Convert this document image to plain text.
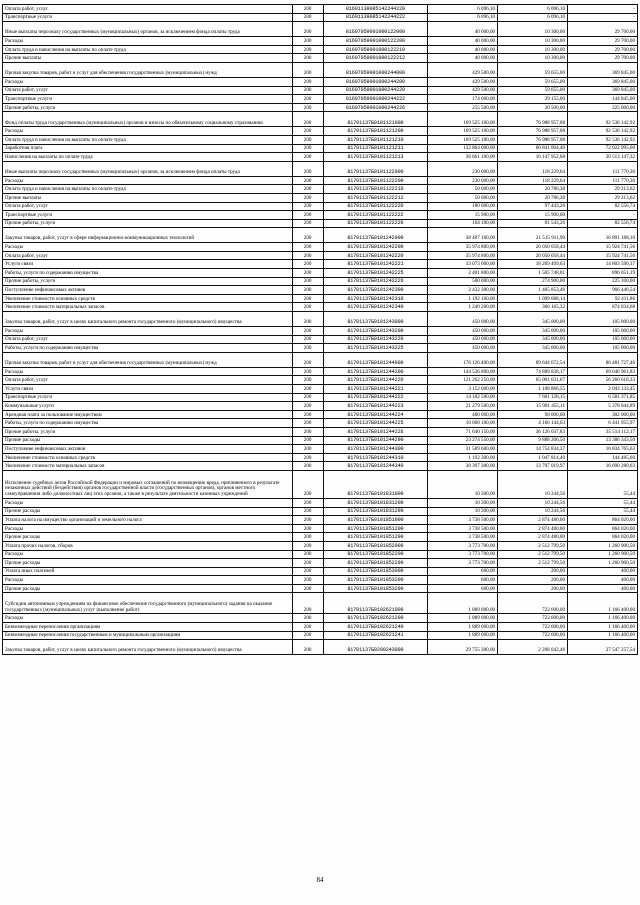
Оплата работ, услуг	200	81601139085142244220	6 096,10	6 096,10	-
Транспортные услуги	200	81601139085142244222	6 096,10	6 096,10	-
Иные выплаты персоналу государственных (муниципальных) органов, за исключением фонда оплаты труда	200	81607059001000122000	40 000,00	10 300,00	29 700,00
Расходы	200	81607059001000122200	40 000,00	10 300,00	29 700,00
Оплата труда и начисления на выплаты по оплате труда	200	81607059001000122210	40 000,00	10 300,00	29 700,00
Прочие выплаты	200	81607059001000122212	40 000,00	10 300,00	29 700,00
Прочая закупка товаров, работ и услуг для обеспечения государственных (муниципальных) нужд	200	81607059001000244000	429 500,00	59 655,00	369 845,00
Расходы	200	81607059001000244200	429 500,00	59 655,00	369 845,00
Оплата работ, услуг	200	81607059001000244220	429 500,00	59 655,00	369 845,00
Транспортные услуги	200	81607059001000244222	174 000,00	29 155,00	144 845,00
Прочие работы, услуги	200	81607059001000244226	255 500,00	30 500,00	225 000,00
Фонд оплаты труда государственных (муниципальных) органов и взносы по обязательному социальному страхованию	200	81701137Б0101121000	169 525 100,00	76 988 957,08	92 536 142,92
Расходы	200	81701137Б0101121200	169 525 100,00	76 988 957,08	92 536 142,92
Оплата труда и начисления на выплаты по оплате труда	200	81701137Б0101121210	169 525 100,00	76 988 957,08	92 536 142,92
Заработная плата	200	81701137Б0101121211	132 864 000,00	60 841 004,40	72 022 995,60
Начисления на выплаты по оплате труда	200	81701137Б0101121213	36 661 100,00	16 147 952,68	20 513 147,32
Иные выплаты персоналу государственных (муниципальных) органов, за исключением фонда оплаты труда	200	81701137Б0101122000	230 000,00	118 229,64	111 770,36
Расходы	200	81701137Б0101122200	230 000,00	118 229,64	111 770,36
Оплата труда и начисления на выплаты по оплате труда	200	81701137Б0101122210	50 000,00	20 786,38	29 213,62
Прочие выплаты	200	81701137Б0101122212	50 000,00	20 786,38	29 213,62
Оплата работ, услуг	200	81701137Б0101122220	180 000,00	97 443,26	82 556,74
Транспортные услуги	200	81701137Б0101122222	15 900,00	15 900,00	-
Прочие работы, услуги	200	81701137Б0101122226	164 100,00	81 543,26	82 556,74
Закупка товаров, работ, услуг в сфере информационно-коммуникационных технологий	200	81701137Б0101242000	38 407 100,00	21 515 911,90	16 891 188,10
Расходы	200	81701137Б0101242200	35 974 800,00	20 050 058,44	15 924 741,56
Оплата работ, услуг	200	81701137Б0101242220	35 974 800,00	20 050 058,44	15 924 741,56
Услуги связи	200	81701137Б0101242221	33 073 000,00	18 269 409,63	14 803 590,37
Работы, услуги по содержанию имущества	200	81701137Б0101242225	2 401 800,00	1 505 748,81	896 051,19
Прочие работы, услуги	200	81701137Б0101242226	500 000,00	274 900,00	225 100,00
Поступление нефинансовых активов	200	81701137Б0101242300	2 432 300,00	1 465 853,46	966 446,54
Увеличение стоимости основных средств	200	81701137Б0101242310	1 192 100,00	1 099 688,14	92 411,86
Увеличение стоимости материальных запасов	200	81701137Б0101242340	1 240 200,00	366 165,32	874 034,68
Закупка товаров, работ, услуг в целях капитального ремонта государственного (муниципального) имущества	200	81701137Б0101243000	450 000,00	345 000,00	105 000,00
Расходы	200	81701137Б0101243200	450 000,00	345 000,00	105 000,00
Оплата работ, услуг	200	81701137Б0101243220	450 000,00	345 000,00	105 000,00
Работы, услуги по содержанию имущества	200	81701137Б0101243225	450 000,00	345 000,00	105 000,00
Прочая закупка товаров, работ и услуг для обеспечения государственных (муниципальных) нужд	200	81701137Б0101244000	176 126 400,00	89 644 672,54	86 481 727,46
Расходы	200	81701137Б0101244200	144 536 800,00	74 889 838,17	69 646 961,83
Оплата работ, услуг	200	81701137Б0101244220	121 262 250,00	65 001 631,67	56 260 618,33
Услуги связи	200	81701137Б0101244221	3 152 000,00	1 108 866,55	2 043 133,45
Транспортные услуги	200	81701137Б0101244222	14 182 500,00	7 601 128,15	6 581 371,85
Коммунальные услуги	200	81701137Б0101244223	21 279 500,00	15 901 455,11	5 378 044,89
Арендная плата за пользование имуществом	200	81701137Б0101244224	400 000,00	98 000,00	302 000,00
Работы, услуги по содержанию имущества	200	81701137Б0101244225	10 608 100,00	4 166 144,03	6 441 955,97
Прочие работы, услуги	200	81701137Б0101244226	71 640 150,00	36 126 037,83	35 514 112,17
Прочие расходы	200	81701137Б0101244290	23 274 550,00	9 888 206,50	13 386 343,50
Поступление нефинансовых активов	200	81701137Б0101244300	31 589 600,00	14 754 834,37	16 834 765,63
Увеличение стоимости основных средств	200	81701137Б0101244310	1 192 300,00	1 047 814,40	144 485,60
Увеличение стоимости материальных запасов	200	81701137Б0101244340	30 397 300,00	13 707 019,97	16 690 280,03
Исполнение судебных актов Российской Федерации и мировых соглашений по возмещению вреда, причиненного в результате незаконных действий (бездействия) органов государственной власти (государственных органов), органов местного самоуправления либо должностных лиц этих органов, а также в результате деятельности казенных учреждений	200	81701137Б0101831000	10 300,00	10 244,56	55,44
Расходы	200	81701137Б0101831200	10 300,00	10 244,56	55,44
Прочие расходы	200	81701137Б0101831290	10 300,00	10 244,56	55,44
Уплата налога на имущество организаций и земельного налога	200	81701137Б0101851000	3 738 500,00	2 874 480,00	864 020,00
Расходы	200	81701137Б0101851200	3 738 500,00	2 874 480,00	864 020,00
Прочие расходы	200	81701137Б0101851290	3 738 500,00	2 874 480,00	864 020,00
Уплата прочих налогов, сборов	200	81701137Б0101852000	3 773 700,00	2 512 799,50	1 260 900,50
Расходы	200	81701137Б0101852200	3 773 700,00	2 512 799,50	1 260 900,50
Прочие расходы	200	81701137Б0101852290	3 773 700,00	2 512 799,50	1 260 900,50
Уплата иных платежей	200	81701137Б0101853000	600,00	200,00	400,00
Расходы	200	81701137Б0101853200	600,00	200,00	400,00
Прочие расходы	200	81701137Б0101853290	600,00	200,00	400,00
Субсидии автономным учреждениям на финансовое обеспечение государственного (муниципального) задания на оказание государственных (муниципальных) услуг (выполнение работ)	200	81701137Б0102621000	1 889 000,00	722 600,00	1 166 400,00
Расходы	200	81701137Б0102621200	1 889 000,00	722 600,00	1 166 400,00
Безвозмездные перечисления организациям	200	81701137Б0102621240	1 889 000,00	722 600,00	1 166 400,00
Безвозмездные перечисления государственным и муниципальным организациям	200	81701137Б0102621241	1 889 000,00	722 600,00	1 166 400,00
Закупка товаров, работ, услуг в целях капитального ремонта государственного (муниципального) имущества	200	81701137Б0200243000	29 755 300,00	2 208 042,46	27 547 257,54
84
